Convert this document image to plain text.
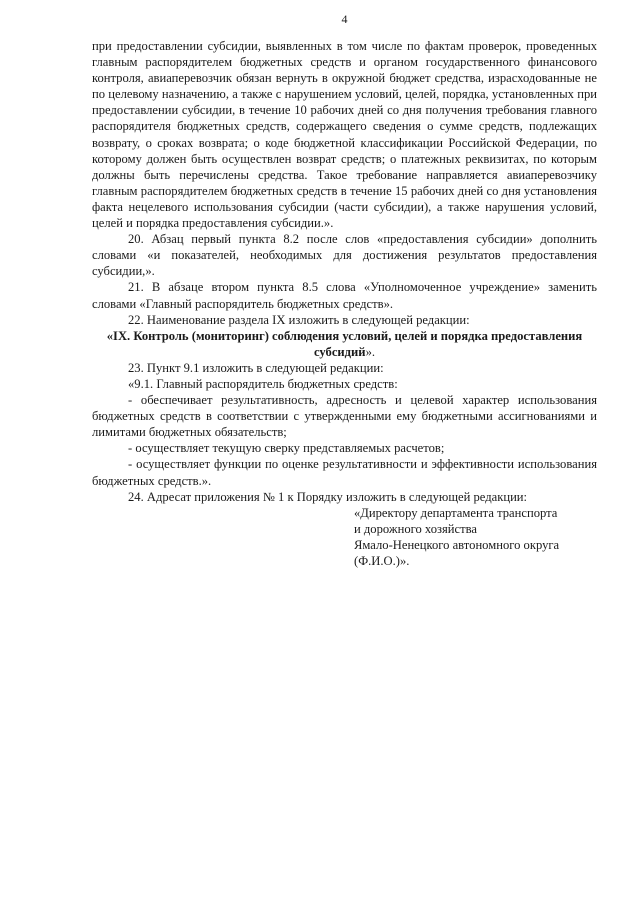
4

при предоставлении субсидии, выявленных в том числе по фактам проверок, проведенных главным распорядителем бюджетных средств и органом государственного финансового контроля, авиаперевозчик обязан вернуть в окружной бюджет средства, израсходованные не по целевому назначению, а также с нарушением условий, целей, порядка, установленных при предоставлении субсидии, в течение 10 рабочих дней со дня получения требования главного распорядителя бюджетных средств, содержащего сведения о сумме средств, подлежащих возврату, о сроках возврата; о коде бюджетной классификации Российской Федерации, по которому должен быть осуществлен возврат средств; о платежных реквизитах, по которым должны быть перечислены средства. Такое требование направляется авиаперевозчику главным распорядителем бюджетных средств в течение 15 рабочих дней со дня установления факта нецелевого использования субсидии (части субсидии), а также нарушения условий, целей и порядка предоставления субсидии.».

20. Абзац первый пункта 8.2 после слов «предоставления субсидии» дополнить словами «и показателей, необходимых для достижения результатов предоставления субсидии,».

21. В абзаце втором пункта 8.5 слова «Уполномоченное учреждение» заменить словами «Главный распорядитель бюджетных средств».

22. Наименование раздела IX изложить в следующей редакции:

«IX. Контроль (мониторинг) соблюдения условий, целей и порядка предоставления субсидий».

23. Пункт 9.1 изложить в следующей редакции:

«9.1. Главный распорядитель бюджетных средств:

- обеспечивает результативность, адресность и целевой характер использования бюджетных средств в соответствии с утвержденными ему бюджетными ассигнованиями и лимитами бюджетных обязательств;

- осуществляет текущую сверку представляемых расчетов;

- осуществляет функции по оценке результативности и эффективности использования бюджетных средств.».

24. Адресат приложения № 1 к Порядку изложить в следующей редакции:

«Директору департамента транспорта
и дорожного хозяйства
Ямало-Ненецкого автономного округа
(Ф.И.О.)».
